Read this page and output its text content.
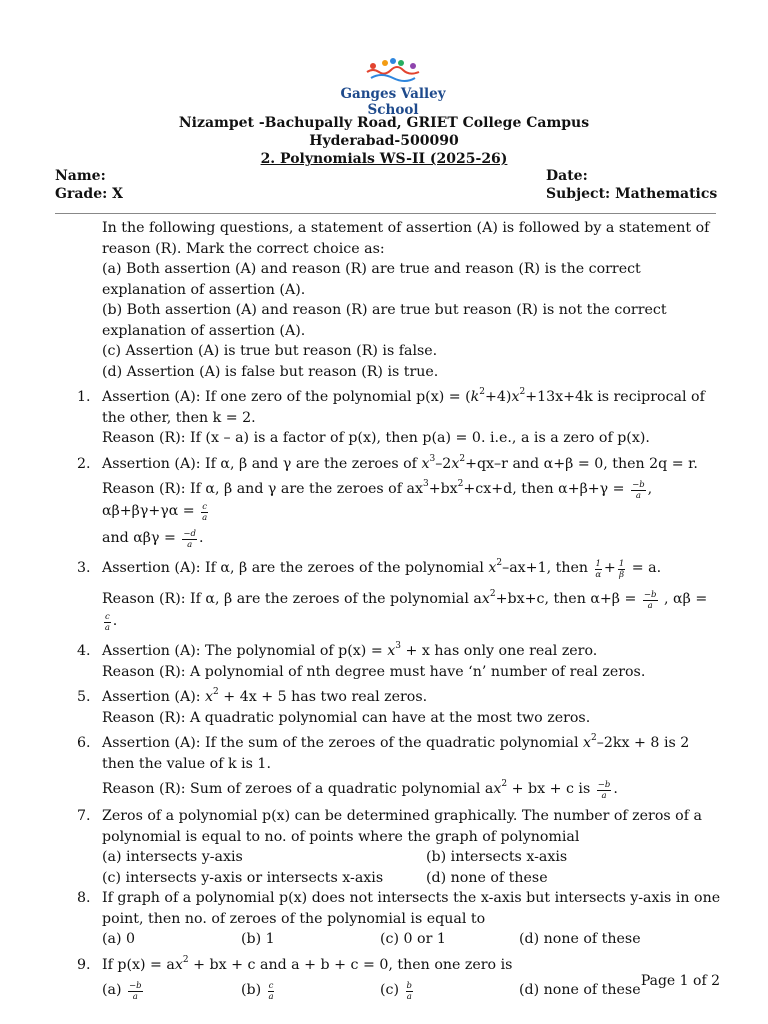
Ganges Valley School
Nizampet -Bachupally Road, GRIET College Campus
Hyderabad-500090
2. Polynomials WS-II (2025-26)
Name:	Date:
Grade: X	Subject: Mathematics

In the following questions, a statement of assertion (A) is followed by a statement of reason (R). Mark the correct choice as:

(a) Both assertion (A) and reason (R) are true and reason (R) is the correct explanation of assertion (A).

(b) Both assertion (A) and reason (R) are true but reason (R) is not the correct explanation of assertion (A).

(c) Assertion (A) is true but reason (R) is false.

(d) Assertion (A) is false but reason (R) is true.

1. Assertion (A): If one zero of the polynomial $p(x) = (k^2+4)x^2+13x+4k$ is reciprocal of the other, then k = 2.

Reason (R): If (x – a) is a factor of p(x), then p(a) = 0. i.e., a is a zero of p(x).

2. Assertion (A): If α, β and γ are the zeroes of $x^3-2x^2+qx-r$ and α+β = 0, then 2q = r.

Reason (R): If α, β and γ are the zeroes of $ax^3+bx^2+cx+d$, then $\alpha+\beta+\gamma = \frac{-b}{a}$ , $\alpha\beta+\beta\gamma+\gamma\alpha = \frac{c}{a}$

and $\alpha\beta\gamma = \frac{-d}{a}$ .

3. Assertion (A): If α, β are the zeroes of the polynomial $x^2-ax+1$, then $\frac{1}{\alpha} + \frac{1}{\beta} = a$.

Reason (R): If α, β are the zeroes of the polynomial $ax^2+bx+c$, then $\alpha+\beta = \frac{-b}{a}$ , αβ =
$\frac{c}{a}$ .

4. Assertion (A): The polynomial of $p(x) = x^3 + x$ has only one real zero.

Reason (R): A polynomial of nth degree must have ‘n’ number of real zeros.

5. Assertion (A): $x^2 + 4x + 5$ has two real zeros.

Reason (R): A quadratic polynomial can have at the most two zeros.

6. Assertion (A): If the sum of the zeroes of the quadratic polynomial $x^2-2kx + 8$ is 2 then the value of k is 1.

Reason (R): Sum of zeroes of a quadratic polynomial $ax^2$ + bx + c is $\frac{-b}{a}$ .

7. Zeros of a polynomial p(x) can be determined graphically. The number of zeros of a polynomial is equal to no. of points where the graph of polynomial

(a) intersects y-axis	(b) intersects x-axis
(c) intersects y-axis or intersects x-axis	(d) none of these
8. If graph of a polynomial p(x) does not intersects the x-axis but intersects y-axis in one point, then no. of zeroes of the polynomial is equal to

(a) 0	(b) 1	(c) 0 or 1	(d) none of these
9. If $p(x) = ax^2$ + bx + c and a + b + c = 0, then one zero is

$(a) \frac{-b}{a}$	$(b) \frac{c}{a}$	$(c) \frac{b}{a}$	(d) none of these
Page 1 of 2
